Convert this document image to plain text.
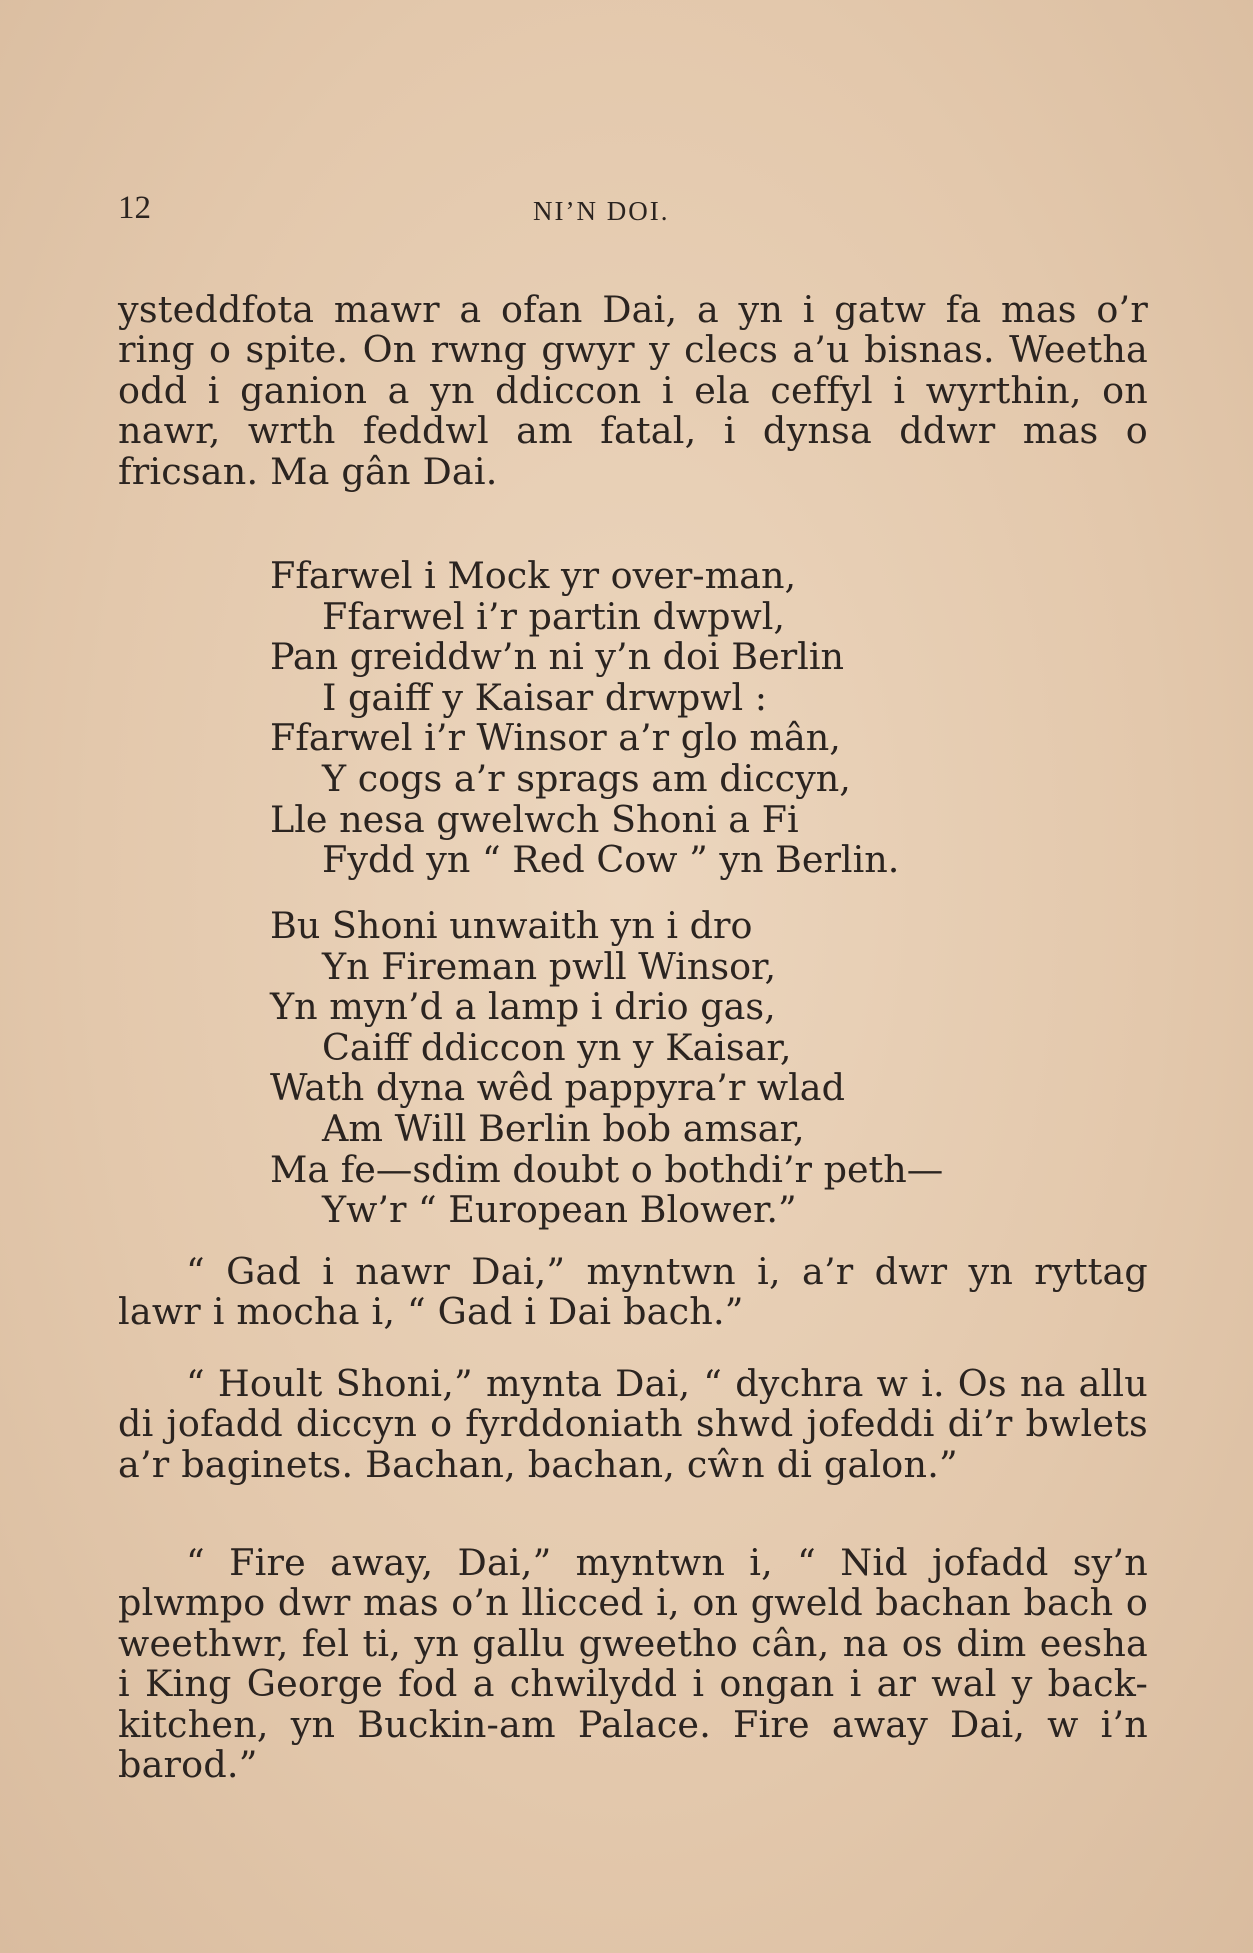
12	NI’N DOI.

ysteddfota mawr a ofan Dai, a yn i gatw fa mas o’r ring o spite. On rwng gwyr y clecs a’u bisnas. Weetha odd i ganion a yn ddiccon i ela ceffyl i wyrthin, on nawr, wrth feddwl am fatal, i dynsa ddwr mas o fricsan. Ma gân Dai.

Ffarwel i Mock yr over-man,
Ffarwel i’r partin dwpwl,
Pan greiddw’n ni y’n doi Berlin
I gaiff y Kaisar drwpwl :
Ffarwel i’r Winsor a’r glo mân,
Y cogs a’r sprags am diccyn,
Lle nesa gwelwch Shoni a Fi
Fydd yn “ Red Cow ” yn Berlin.
Bu Shoni unwaith yn i dro
Yn Fireman pwll Winsor,
Yn myn’d a lamp i drio gas,
Caiff ddiccon yn y Kaisar,
Wath dyna wêd pappyra’r wlad
Am Will Berlin bob amsar,
Ma fe—sdim doubt o bothdi’r peth—
Yw’r “ European Blower.”

“ Gad i nawr Dai,” myntwn i, a’r dwr yn ryttag lawr i mocha i, “ Gad i Dai bach.”

“ Hoult Shoni,” mynta Dai, “ dychra w i. Os na allu di jofadd diccyn o fyrddoniath shwd jofeddi di’r bwlets a’r baginets. Bachan, bachan, cŵn di galon.”

“ Fire away, Dai,” myntwn i, “ Nid jofadd sy’n plwmpo dwr mas o’n llicced i, on gweld bachan bach o weethwr, fel ti, yn gallu gweetho cân, na os dim eesha i King George fod a chwilydd i ongan i ar wal y back-kitchen, yn Buckin-am Palace. Fire away Dai, w i’n barod.”
